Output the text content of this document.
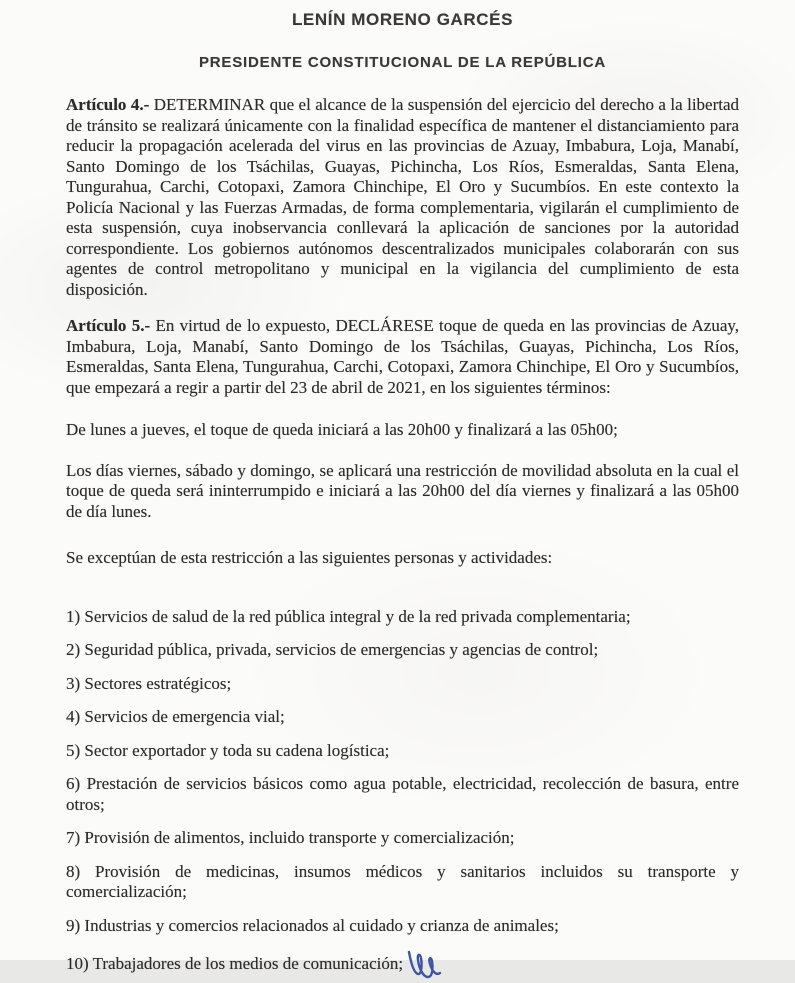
LENÍN MORENO GARCÉS
PRESIDENTE CONSTITUCIONAL DE LA REPÚBLICA

Artículo 4.- DETERMINAR que el alcance de la suspensión del ejercicio del derecho a la libertad de tránsito se realizará únicamente con la finalidad específica de mantener el distanciamiento para reducir la propagación acelerada del virus en las provincias de Azuay, Imbabura, Loja, Manabí, Santo Domingo de los Tsáchilas, Guayas, Pichincha, Los Ríos, Esmeraldas, Santa Elena, Tungurahua, Carchi, Cotopaxi, Zamora Chinchipe, El Oro y Sucumbíos. En este contexto la Policía Nacional y las Fuerzas Armadas, de forma complementaria, vigilarán el cumplimiento de esta suspensión, cuya inobservancia conllevará la aplicación de sanciones por la autoridad correspondiente. Los gobiernos autónomos descentralizados municipales colaborarán con sus agentes de control metropolitano y municipal en la vigilancia del cumplimiento de esta disposición.

Artículo 5.- En virtud de lo expuesto, DECLÁRESE toque de queda en las provincias de Azuay, Imbabura, Loja, Manabí, Santo Domingo de los Tsáchilas, Guayas, Pichincha, Los Ríos, Esmeraldas, Santa Elena, Tungurahua, Carchi, Cotopaxi, Zamora Chinchipe, El Oro y Sucumbíos, que empezará a regir a partir del 23 de abril de 2021, en los siguientes términos:

De lunes a jueves, el toque de queda iniciará a las 20h00 y finalizará a las 05h00;

Los días viernes, sábado y domingo, se aplicará una restricción de movilidad absoluta en la cual el toque de queda será ininterrumpido e iniciará a las 20h00 del día viernes y finalizará a las 05h00 de día lunes.

Se exceptúan de esta restricción a las siguientes personas y actividades:

1) Servicios de salud de la red pública integral y de la red privada complementaria;

2) Seguridad pública, privada, servicios de emergencias y agencias de control;

3) Sectores estratégicos;

4) Servicios de emergencia vial;

5) Sector exportador y toda su cadena logística;

6) Prestación de servicios básicos como agua potable, electricidad, recolección de basura, entre otros;

7) Provisión de alimentos, incluido transporte y comercialización;

8) Provisión de medicinas, insumos médicos y sanitarios incluidos su transporte y comercialización;

9) Industrias y comercios relacionados al cuidado y crianza de animales;

10) Trabajadores de los medios de comunicación;
